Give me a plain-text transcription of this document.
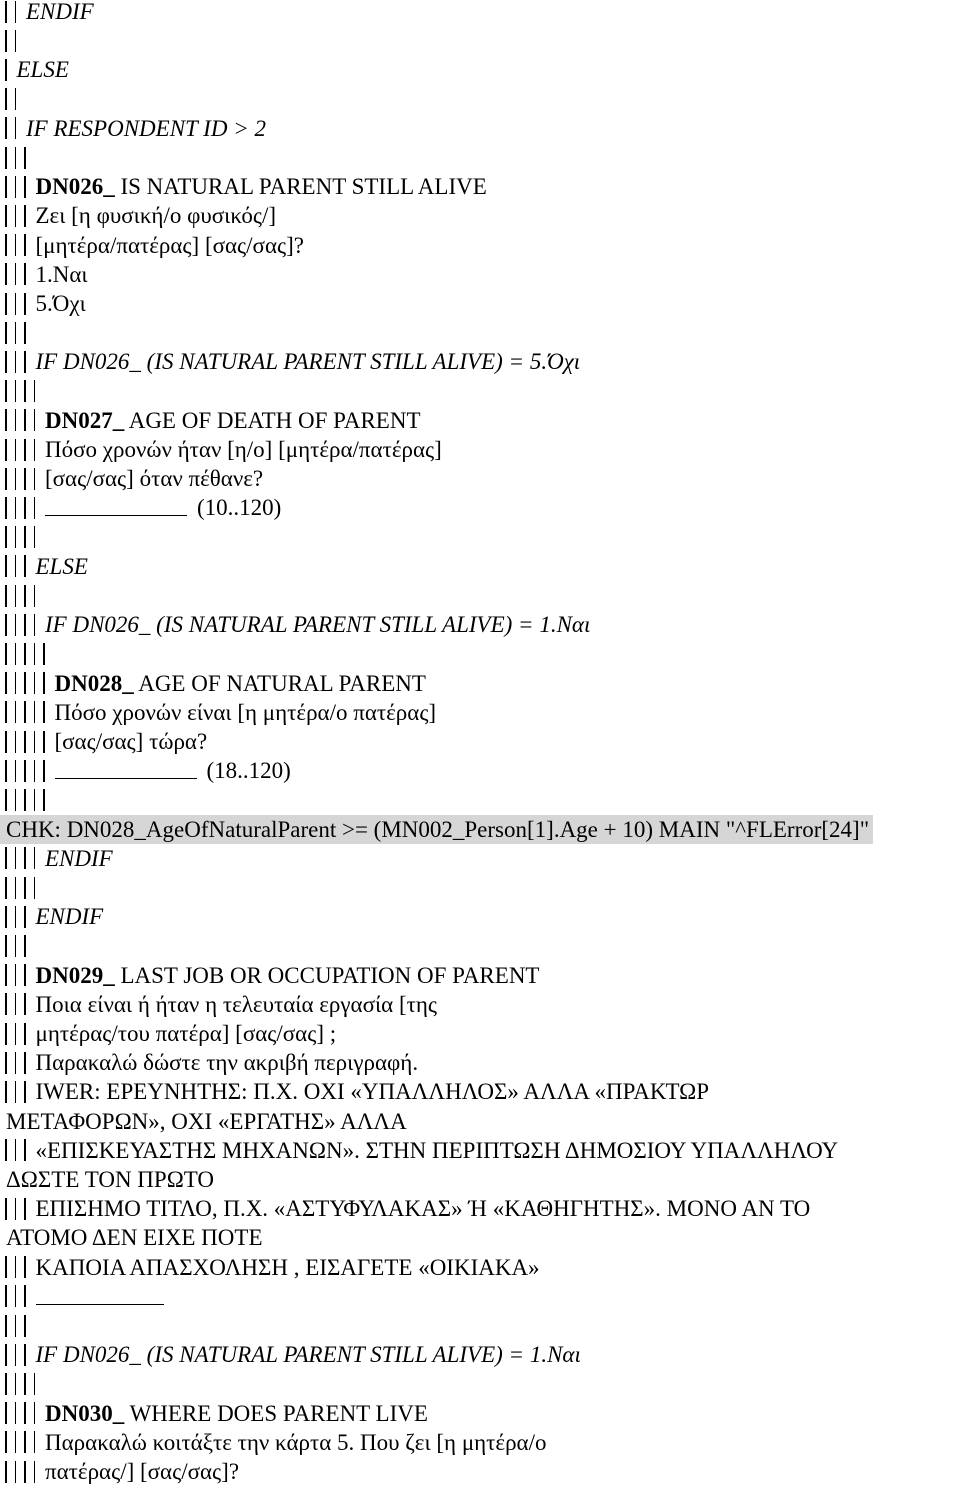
ENDIF
ELSE
IF RESPONDENT ID > 2
DN026_ IS NATURAL PARENT STILL ALIVE
Ζει [η φυσική/ο φυσικός/]
[μητέρα/πατέρας] [σας/σας]?
1.Ναι
5.Όχι
IF DN026_ (IS NATURAL PARENT STILL ALIVE) = 5.Όχι
DN027_ AGE OF DEATH OF PARENT
Πόσο χρονών ήταν [η/ο] [μητέρα/πατέρας]
[σας/σας] όταν πέθανε?
(10..120)
ELSE
IF DN026_ (IS NATURAL PARENT STILL ALIVE) = 1.Ναι
DN028_ AGE OF NATURAL PARENT
Πόσο χρονών είναι [η μητέρα/ο πατέρας]
[σας/σας] τώρα?
(18..120)
CHK: DN028_AgeOfNaturalParent >= (MN002_Person[1].Age + 10) MAIN "^FLError[24]"
ENDIF
ENDIF
DN029_ LAST JOB OR OCCUPATION OF PARENT
Ποια είναι ή ήταν η τελευταία εργασία [της
μητέρας/του πατέρα] [σας/σας] ;
Παρακαλώ δώστε την ακριβή περιγραφή.
IWER: ΕΡΕΥΝΗΤΗΣ: Π.Χ. ΟΧΙ «ΥΠΑΛΛΗΛΟΣ» ΑΛΛΑ «ΠΡΑΚΤΩΡ
ΜΕΤΑΦΟΡΩΝ», ΟΧΙ «ΕΡΓΑΤΗΣ» ΑΛΛΑ
«ΕΠΙΣΚΕΥΑΣΤΗΣ ΜΗΧΑΝΩΝ». ΣΤΗΝ ΠΕΡΙΠΤΩΣΗ ΔΗΜΟΣΙΟΥ ΥΠΑΛΛΗΛΟΥ
ΔΩΣΤΕ ΤΟΝ ΠΡΩΤΟ
ΕΠΙΣΗΜΟ ΤΙΤΛΟ, Π.Χ. «ΑΣΤΥΦΥΛΑΚΑΣ» Ή «ΚΑΘΗΓΗΤΗΣ». ΜΟΝΟ ΑΝ ΤΟ
ΑΤΟΜΟ ΔΕΝ ΕΙΧΕ ΠΟΤΕ
ΚΑΠΟΙΑ ΑΠΑΣΧΟΛΗΣΗ , ΕΙΣΑΓΕΤΕ «ΟΙΚΙΑΚΑ»
IF DN026_ (IS NATURAL PARENT STILL ALIVE) = 1.Ναι
DN030_ WHERE DOES PARENT LIVE
Παρακαλώ κοιτάξτε την κάρτα 5. Που ζει [η μητέρα/ο
πατέρας/] [σας/σας]?
